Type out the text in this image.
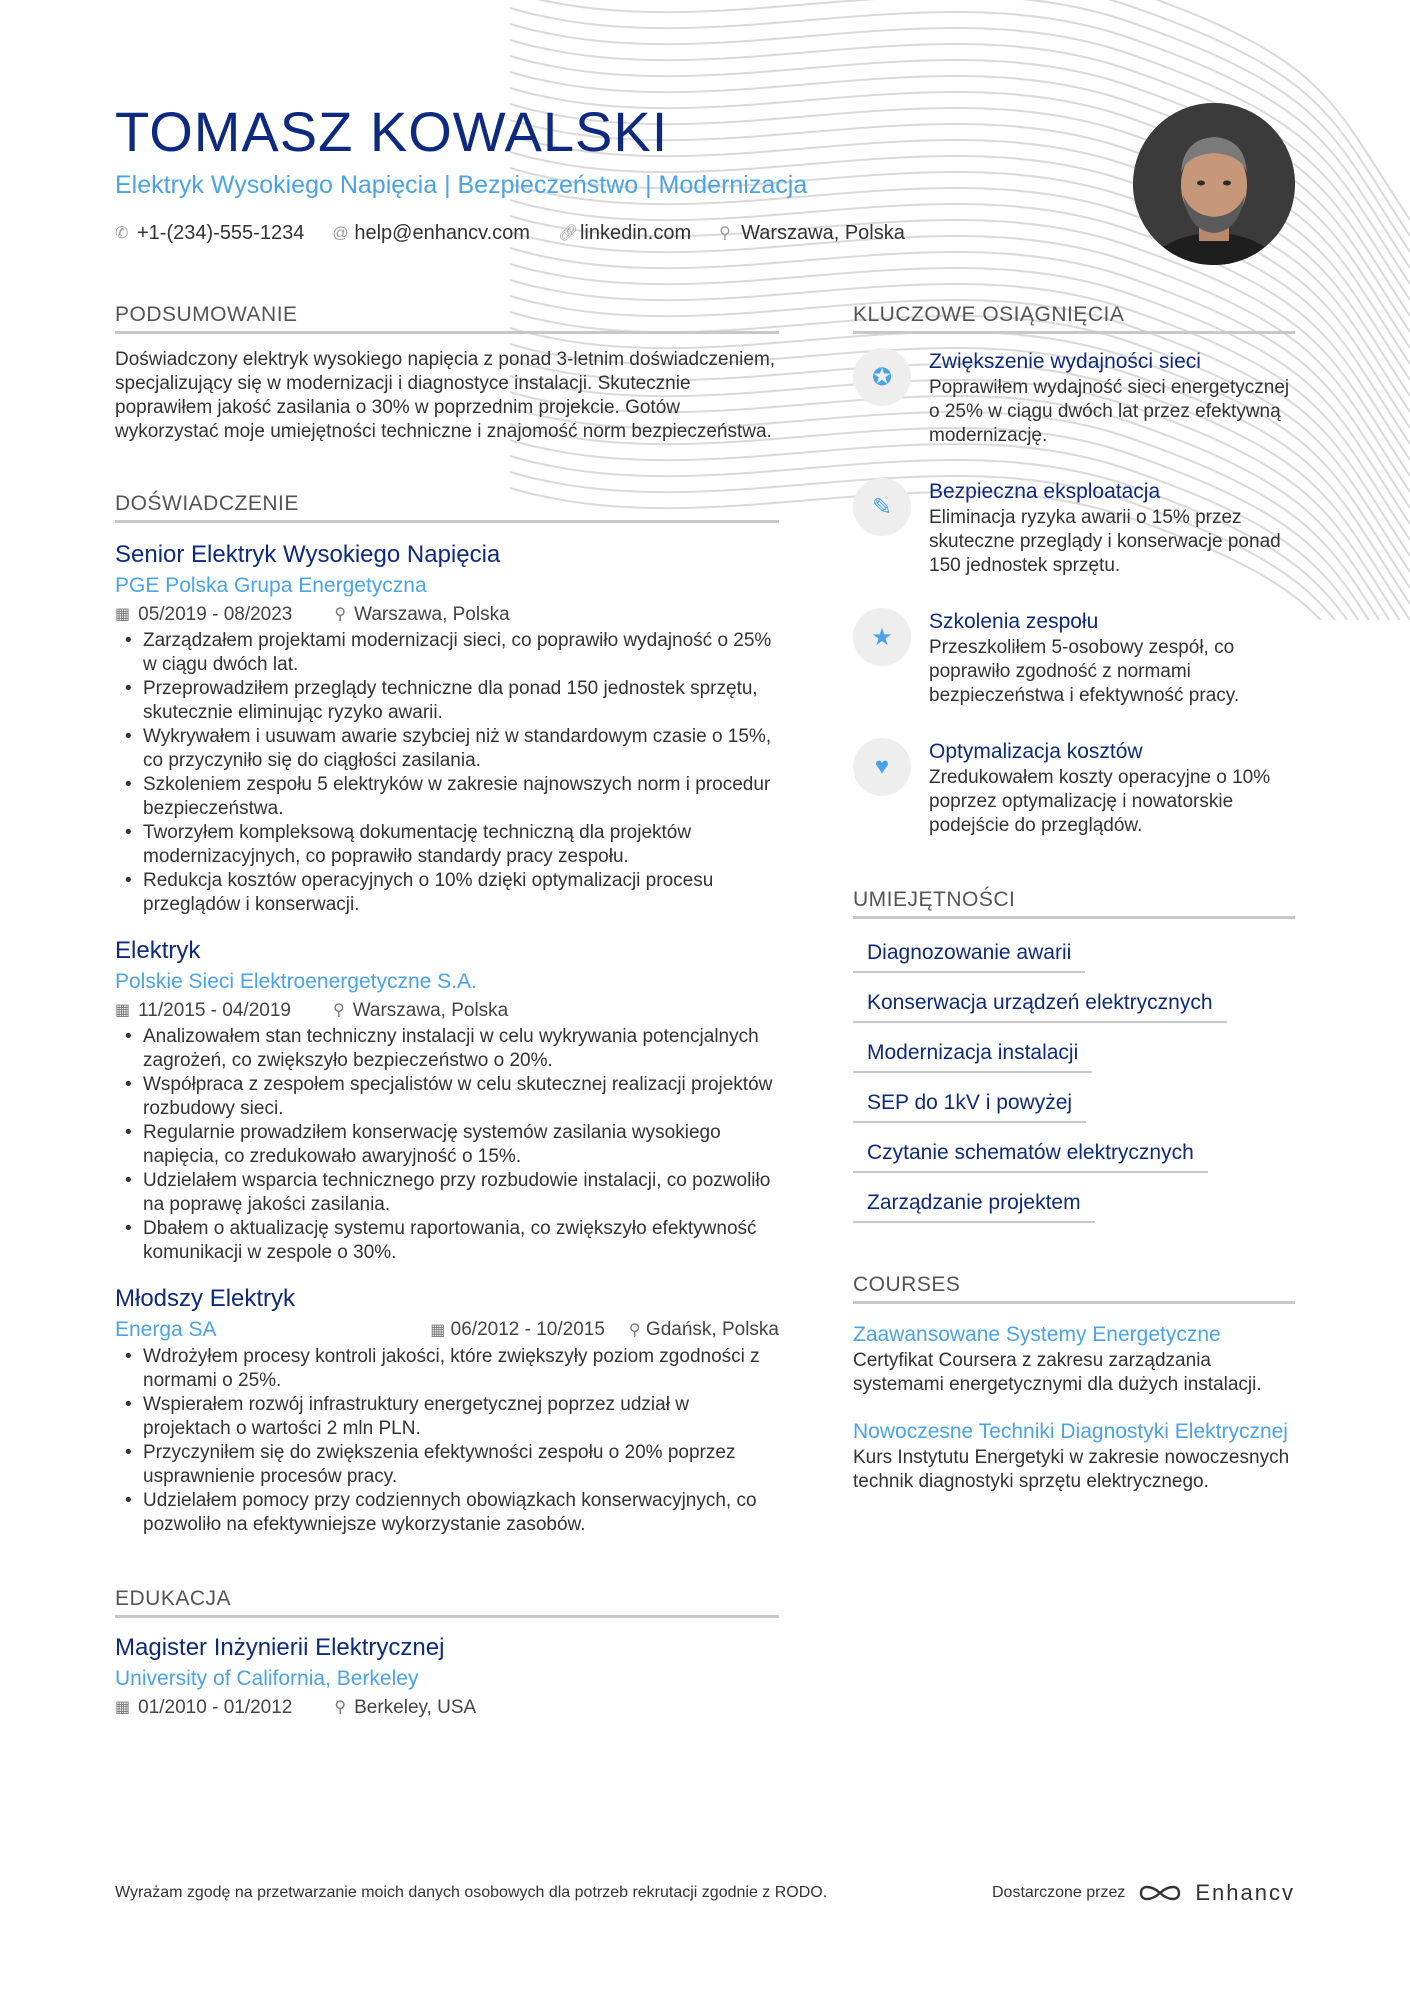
TOMASZ KOWALSKI
Elektryk Wysokiego Napięcia | Bezpieczeństwo | Modernizacja
✆ +1-(234)-555-1234 @ help@enhancv.com 🔗︎ linkedin.com ⚲ Warszawa, Polska
PODSUMOWANIE

Doświadczony elektryk wysokiego napięcia z ponad 3-letnim doświadczeniem, specjalizujący się w modernizacji i diagnostyce instalacji. Skutecznie poprawiłem jakość zasilania o 30% w poprzednim projekcie. Gotów wykorzystać moje umiejętności techniczne i znajomość norm bezpieczeństwa.

DOŚWIADCZENIE
Senior Elektryk Wysokiego Napięcia
PGE Polska Grupa Energetyczna
▦ 05/2019 - 08/2023	⚲ Warszawa, Polska
• Zarządzałem projektami modernizacji sieci, co poprawiło wydajność o 25% w ciągu dwóch lat.
• Przeprowadziłem przeglądy techniczne dla ponad 150 jednostek sprzętu, skutecznie eliminując ryzyko awarii.
• Wykrywałem i usuwam awarie szybciej niż w standardowym czasie o 15%, co przyczyniło się do ciągłości zasilania.
• Szkoleniem zespołu 5 elektryków w zakresie najnowszych norm i procedur bezpieczeństwa.
• Tworzyłem kompleksową dokumentację techniczną dla projektów modernizacyjnych, co poprawiło standardy pracy zespołu.
• Redukcja kosztów operacyjnych o 10% dzięki optymalizacji procesu przeglądów i konserwacji.
Elektryk
Polskie Sieci Elektroenergetyczne S.A.
▦ 11/2015 - 04/2019	⚲ Warszawa, Polska
• Analizowałem stan techniczny instalacji w celu wykrywania potencjalnych zagrożeń, co zwiększyło bezpieczeństwo o 20%.
• Współpraca z zespołem specjalistów w celu skutecznej realizacji projektów rozbudowy sieci.
• Regularnie prowadziłem konserwację systemów zasilania wysokiego napięcia, co zredukowało awaryjność o 15%.
• Udzielałem wsparcia technicznego przy rozbudowie instalacji, co pozwoliło na poprawę jakości zasilania.
• Dbałem o aktualizację systemu raportowania, co zwiększyło efektywność komunikacji w zespole o 30%.
Młodszy Elektryk
Energa SA	▦ 06/2012 - 10/2015 ⚲ Gdańsk, Polska
• Wdrożyłem procesy kontroli jakości, które zwiększyły poziom zgodności z normami o 25%.
• Wspierałem rozwój infrastruktury energetycznej poprzez udział w projektach o wartości 2 mln PLN.
• Przyczyniłem się do zwiększenia efektywności zespołu o 20% poprzez usprawnienie procesów pracy.
• Udzielałem pomocy przy codziennych obowiązkach konserwacyjnych, co pozwoliło na efektywniejsze wykorzystanie zasobów.
EDUKACJA
Magister Inżynierii Elektrycznej
University of California, Berkeley
▦ 01/2010 - 01/2012	⚲ Berkeley, USA
KLUCZOWE OSIĄGNIĘCIA
✪
Zwiększenie wydajności sieci
Poprawiłem wydajność sieci energetycznej o 25% w ciągu dwóch lat przez efektywną modernizację.
✎
Bezpieczna eksploatacja
Eliminacja ryzyka awarii o 15% przez skuteczne przeglądy i konserwacje ponad 150 jednostek sprzętu.
★
Szkolenia zespołu
Przeszkoliłem 5-osobowy zespół, co poprawiło zgodność z normami bezpieczeństwa i efektywność pracy.
♥
Optymalizacja kosztów
Zredukowałem koszty operacyjne o 10% poprzez optymalizację i nowatorskie podejście do przeglądów.
UMIEJĘTNOŚCI
Diagnozowanie awarii
Konserwacja urządzeń elektrycznych
Modernizacja instalacji
SEP do 1kV i powyżej
Czytanie schematów elektrycznych
Zarządzanie projektem
COURSES
Zaawansowane Systemy Energetyczne
Certyfikat Coursera z zakresu zarządzania systemami energetycznymi dla dużych instalacji.
Nowoczesne Techniki Diagnostyki Elektrycznej
Kurs Instytutu Energetyki w zakresie nowoczesnych technik diagnostyki sprzętu elektrycznego.
Wyrażam zgodę na przetwarzanie moich danych osobowych dla potrzeb rekrutacji zgodnie z RODO.	Dostarczone przez	Enhancv
